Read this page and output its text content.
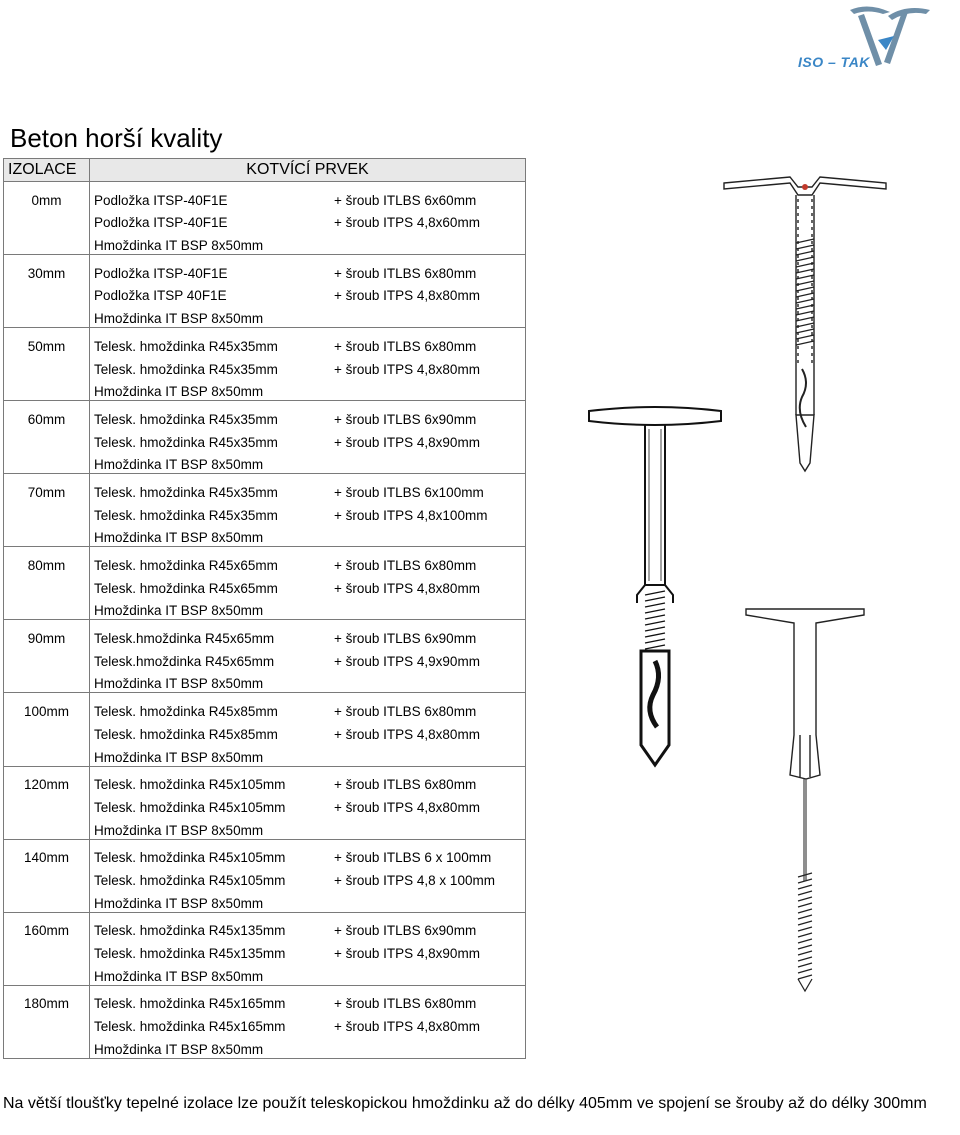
ISO – TAK
Beton horší kvality
IZOLACE	KOTVÍCÍ PRVEK	
0mm	Podložka ITSP-40F1E	+ šroub ITLBS 6x60mm
	Podložka ITSP-40F1E	+ šroub ITPS 4,8x60mm
	Hmoždinka IT BSP 8x50mm	
30mm	Podložka ITSP-40F1E	+ šroub ITLBS 6x80mm
	Podložka ITSP 40F1E	+ šroub ITPS 4,8x80mm
	Hmoždinka IT BSP 8x50mm	
50mm	Telesk. hmoždinka R45x35mm	+ šroub ITLBS 6x80mm
	Telesk. hmoždinka R45x35mm	+ šroub ITPS 4,8x80mm
	Hmoždinka IT BSP 8x50mm	
60mm	Telesk. hmoždinka R45x35mm	+ šroub ITLBS 6x90mm
	Telesk. hmoždinka R45x35mm	+ šroub ITPS 4,8x90mm
	Hmoždinka IT BSP 8x50mm	
70mm	Telesk. hmoždinka R45x35mm	+ šroub ITLBS 6x100mm
	Telesk. hmoždinka R45x35mm	+ šroub ITPS 4,8x100mm
	Hmoždinka IT BSP 8x50mm	
80mm	Telesk. hmoždinka R45x65mm	+ šroub ITLBS 6x80mm
	Telesk. hmoždinka R45x65mm	+ šroub ITPS 4,8x80mm
	Hmoždinka IT BSP 8x50mm	
90mm	Telesk.hmoždinka R45x65mm	+ šroub ITLBS 6x90mm
	Telesk.hmoždinka R45x65mm	+ šroub ITPS 4,9x90mm
	Hmoždinka IT BSP 8x50mm	
100mm	Telesk. hmoždinka R45x85mm	+ šroub ITLBS 6x80mm
	Telesk. hmoždinka R45x85mm	+ šroub ITPS 4,8x80mm
	Hmoždinka IT BSP 8x50mm	
120mm	Telesk. hmoždinka R45x105mm	+ šroub ITLBS 6x80mm
	Telesk. hmoždinka R45x105mm	+ šroub ITPS 4,8x80mm
	Hmoždinka IT BSP 8x50mm	
140mm	Telesk. hmoždinka R45x105mm	+ šroub ITLBS 6 x 100mm
	Telesk. hmoždinka R45x105mm	+ šroub ITPS 4,8 x 100mm
	Hmoždinka IT BSP 8x50mm	
160mm	Telesk. hmoždinka R45x135mm	+ šroub ITLBS 6x90mm
	Telesk. hmoždinka R45x135mm	+ šroub ITPS 4,8x90mm
	Hmoždinka IT BSP 8x50mm	
180mm	Telesk. hmoždinka R45x165mm	+ šroub ITLBS 6x80mm
	Telesk. hmoždinka R45x165mm	+ šroub ITPS 4,8x80mm
	Hmoždinka IT BSP 8x50mm	
Na větší tloušťky tepelné izolace lze použít teleskopickou hmoždinku až do délky 405mm ve spojení se šrouby až do délky 300mm
